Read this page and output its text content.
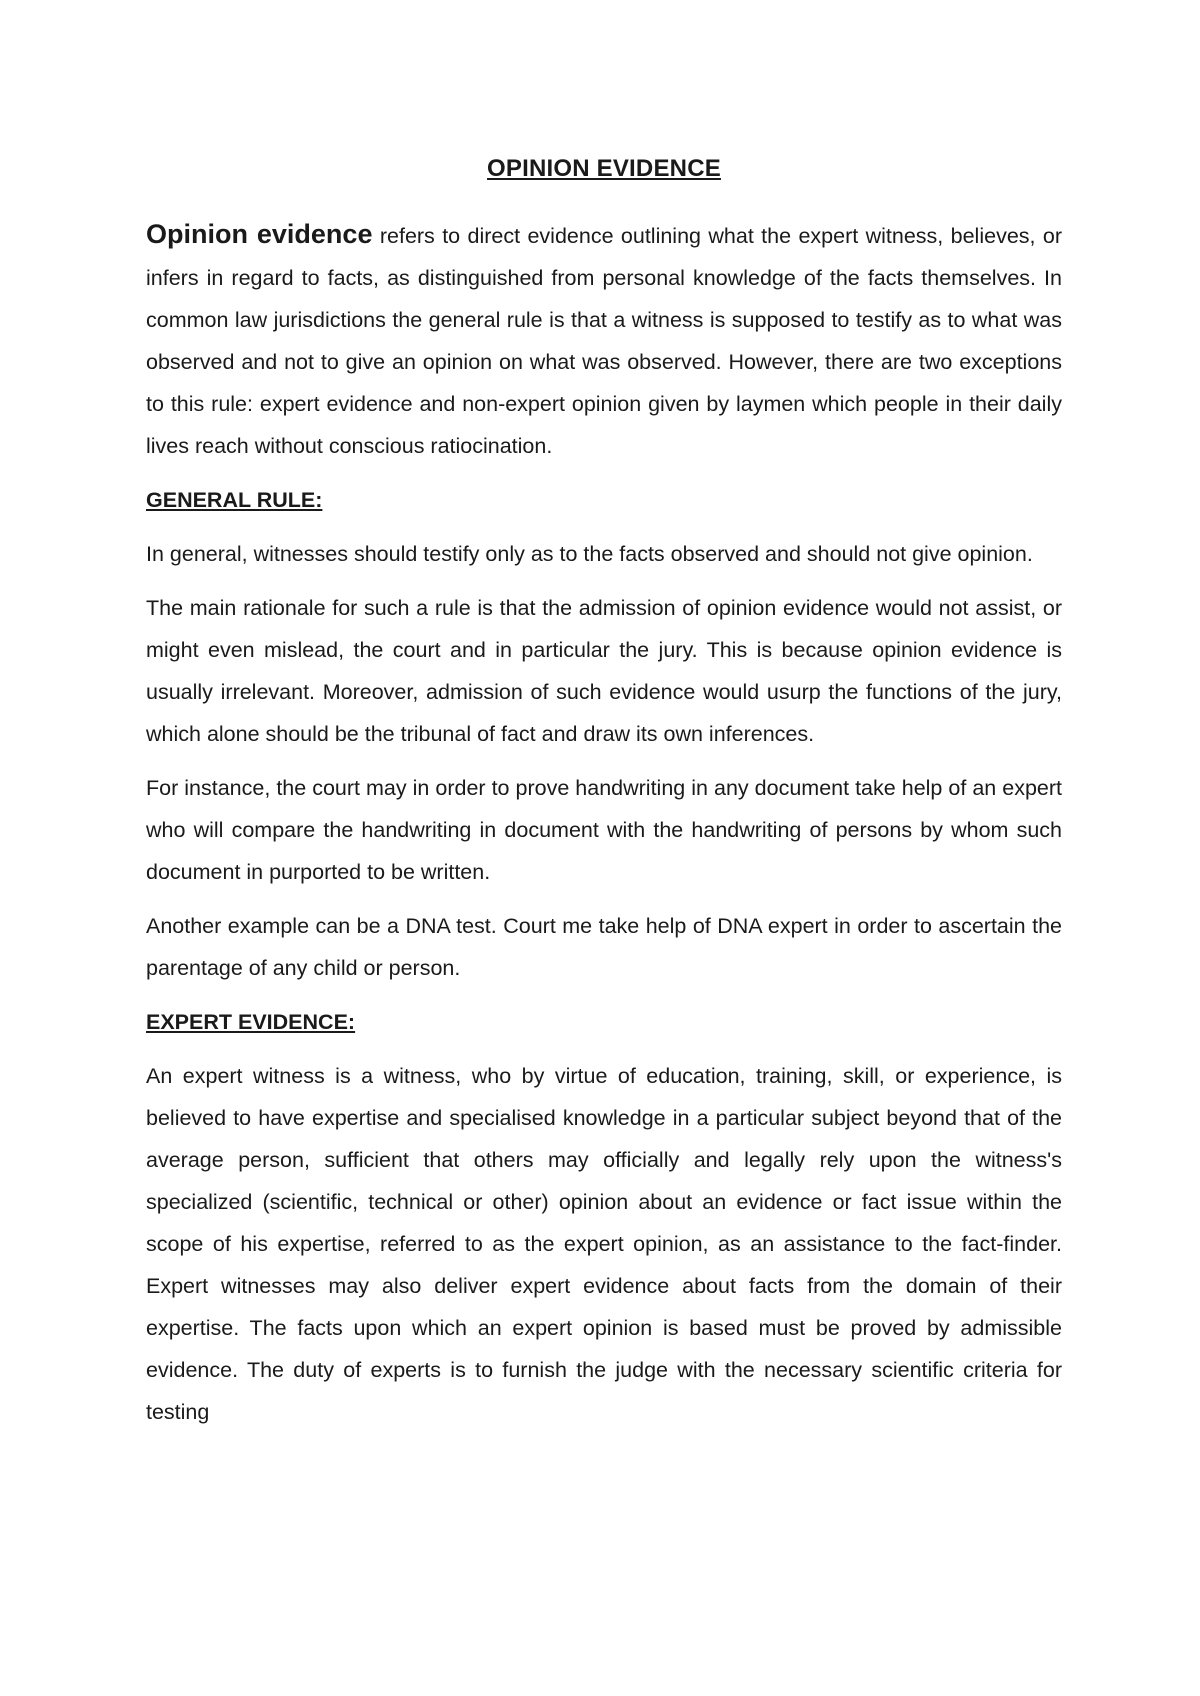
OPINION EVIDENCE

Opinion evidence refers to direct evidence outlining what the expert witness, believes, or infers in regard to facts, as distinguished from personal knowledge of the facts themselves. In common law jurisdictions the general rule is that a witness is supposed to testify as to what was observed and not to give an opinion on what was observed. However, there are two exceptions to this rule: expert evidence and non-expert opinion given by laymen which people in their daily lives reach without conscious ratiocination.

GENERAL RULE:

In general, witnesses should testify only as to the facts observed and should not give opinion.

The main rationale for such a rule is that the admission of opinion evidence would not assist, or might even mislead, the court and in particular the jury. This is because opinion evidence is usually irrelevant. Moreover, admission of such evidence would usurp the functions of the jury, which alone should be the tribunal of fact and draw its own inferences.

For instance, the court may in order to prove handwriting in any document take help of an expert who will compare the handwriting in document with the handwriting of persons by whom such document in purported to be written.

Another example can be a DNA test. Court me take help of DNA expert in order to ascertain the parentage of any child or person.

EXPERT EVIDENCE:

An expert witness is a witness, who by virtue of education, training, skill, or experience, is believed to have expertise and specialised knowledge in a particular subject beyond that of the average person, sufficient that others may officially and legally rely upon the witness's specialized (scientific, technical or other) opinion about an evidence or fact issue within the scope of his expertise, referred to as the expert opinion, as an assistance to the fact-finder. Expert witnesses may also deliver expert evidence about facts from the domain of their expertise. The facts upon which an expert opinion is based must be proved by admissible evidence. The duty of experts is to furnish the judge with the necessary scientific criteria for testing
